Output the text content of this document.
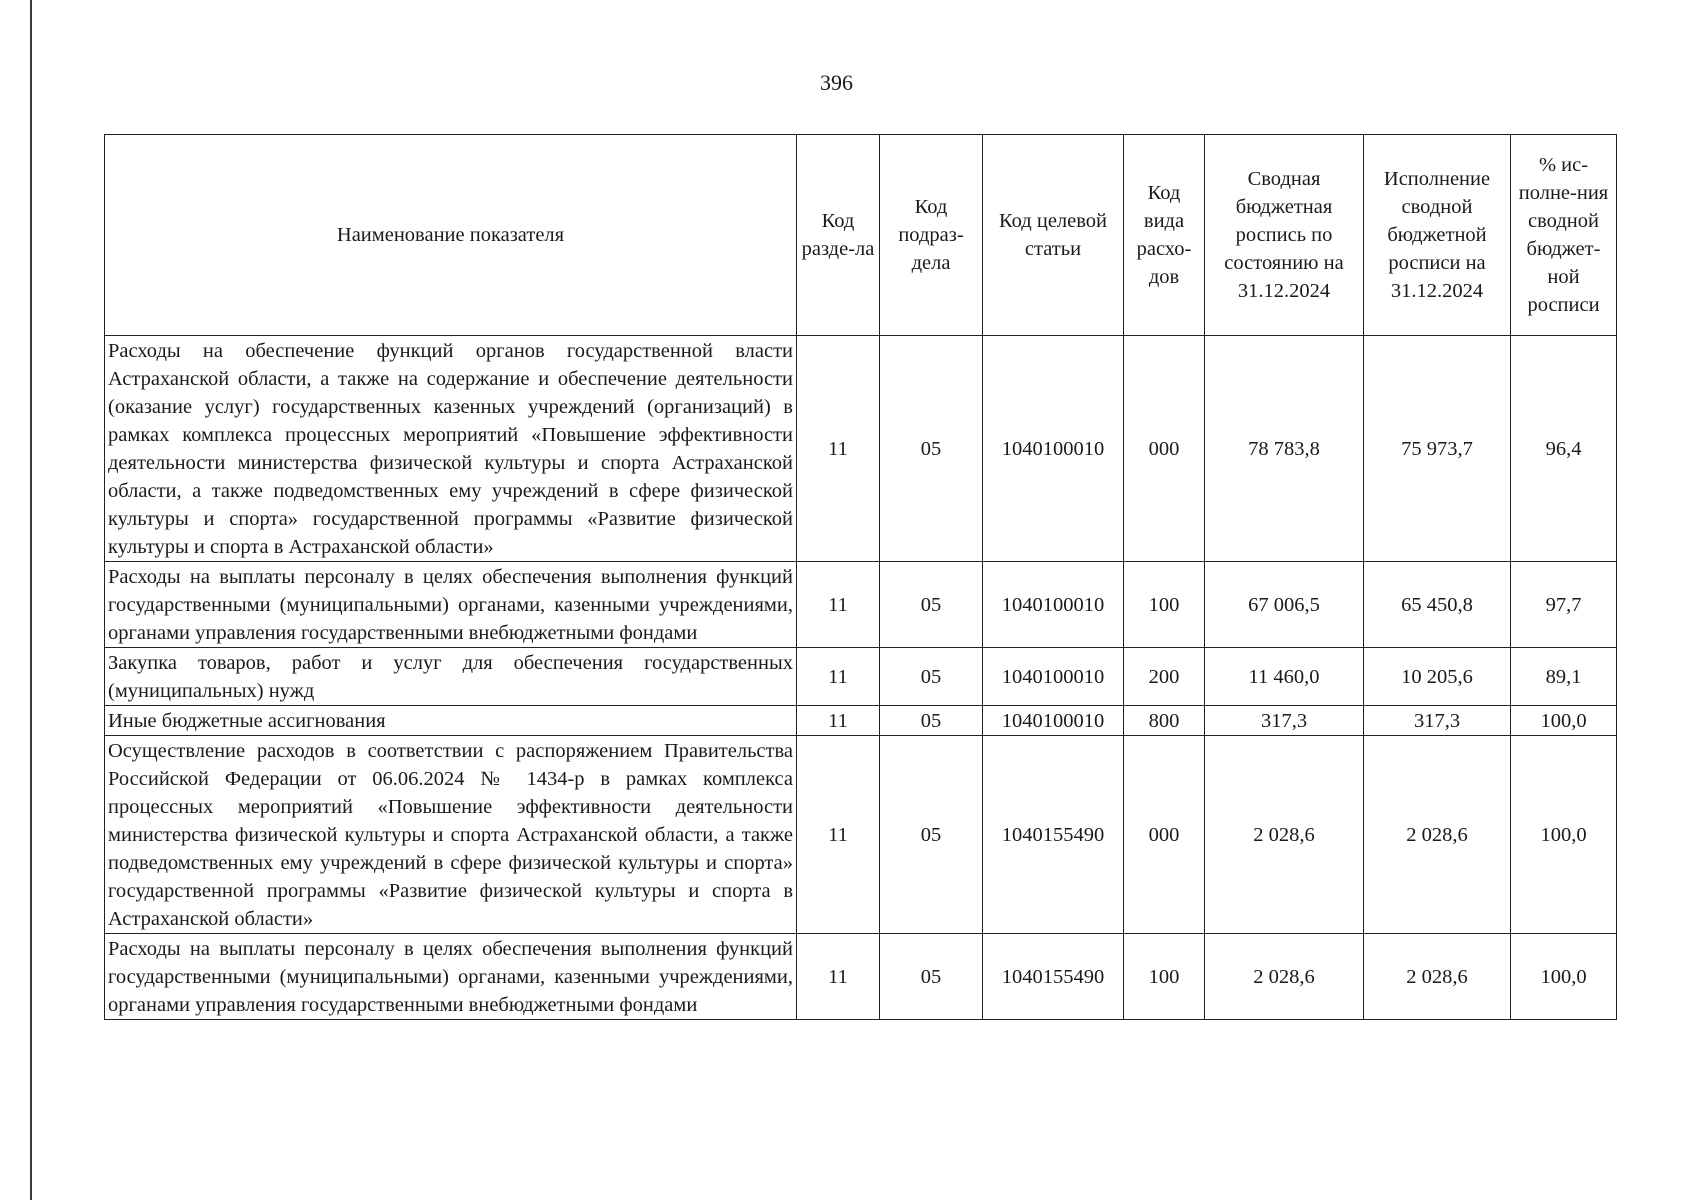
396
Наименование показателя	Код разде-ла	Код подраз-дела	Код целевой статьи	Код вида расхо-дов	Сводная бюджетная роспись по состоянию на 31.12.2024	Исполнение сводной бюджетной росписи на 31.12.2024	% ис-полне-ния сводной бюджет-ной росписи
Расходы на обеспечение функций органов государственной власти Астраханской области, а также на содержание и обеспечение деятельности (оказание услуг) государственных казенных учреждений (организаций) в рамках комплекса процессных мероприятий «Повышение эффективности деятельности министерства физической культуры и спорта Астраханской области, а также подведомственных ему учреждений в сфере физической культуры и спорта» государственной программы «Развитие физической культуры и спорта в Астраханской области»	11	05	1040100010	000	78 783,8	75 973,7	96,4
Расходы на выплаты персоналу в целях обеспечения выполнения функций государственными (муниципальными) органами, казенными учреждениями, органами управления государственными внебюджетными фондами	11	05	1040100010	100	67 006,5	65 450,8	97,7
Закупка товаров, работ и услуг для обеспечения государственных (муниципальных) нужд	11	05	1040100010	200	11 460,0	10 205,6	89,1
Иные бюджетные ассигнования	11	05	1040100010	800	317,3	317,3	100,0
Осуществление расходов в соответствии с распоряжением Правительства Российской Федерации от 06.06.2024 № 1434-р в рамках комплекса процессных мероприятий «Повышение эффективности деятельности министерства физической культуры и спорта Астраханской области, а также подведомственных ему учреждений в сфере физической культуры и спорта» государственной программы «Развитие физической культуры и спорта в Астраханской области»	11	05	1040155490	000	2 028,6	2 028,6	100,0
Расходы на выплаты персоналу в целях обеспечения выполнения функций государственными (муниципальными) органами, казенными учреждениями, органами управления государственными внебюджетными фондами	11	05	1040155490	100	2 028,6	2 028,6	100,0
